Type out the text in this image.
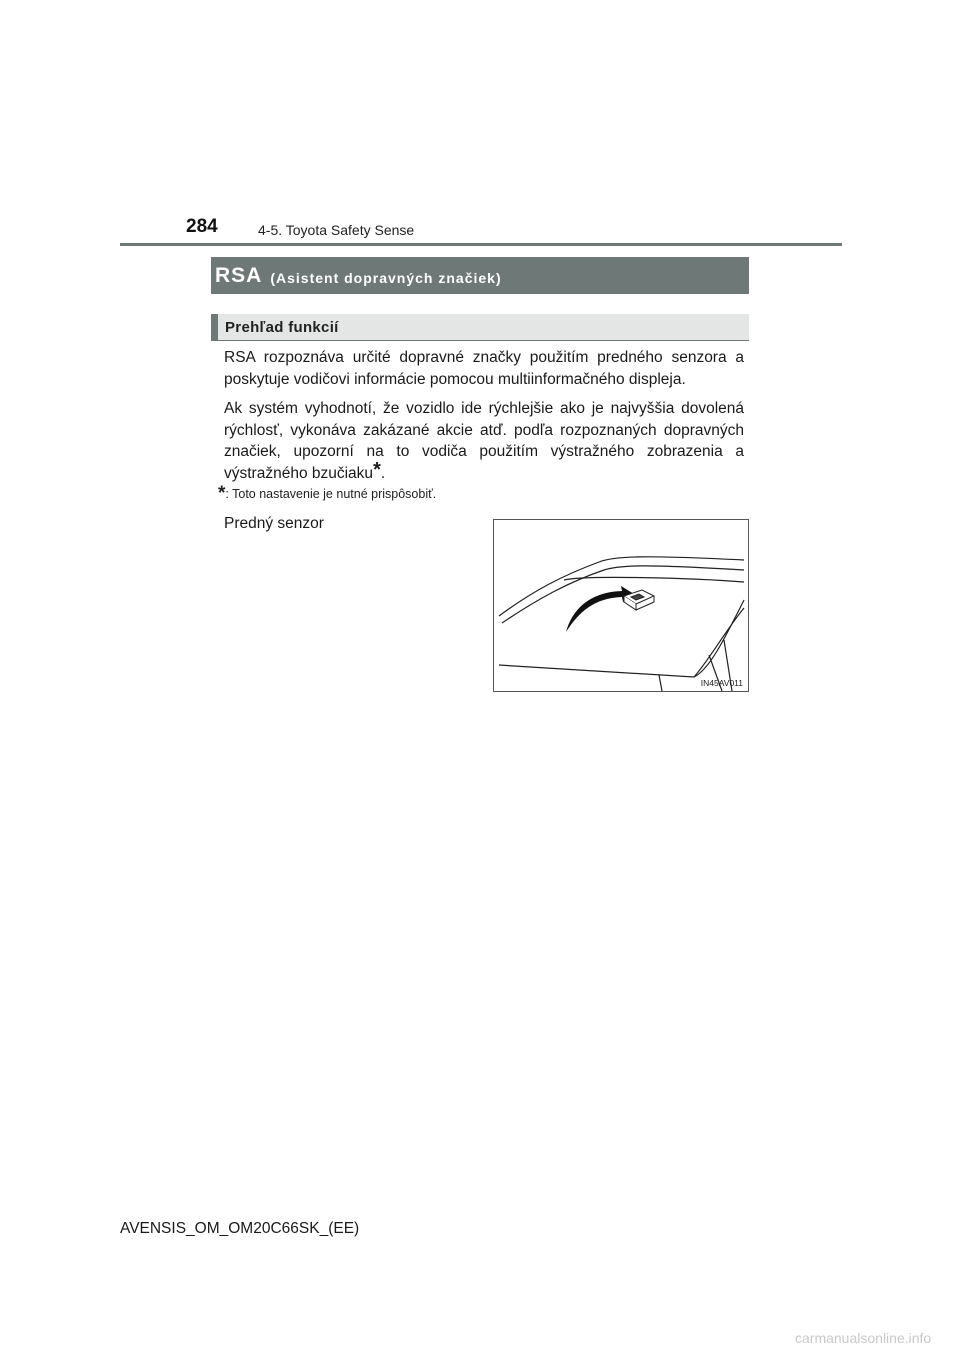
284	4-5. Toyota Safety Sense
RSA (Asistent dopravných značiek)
Prehľad funkcií
RSA rozpoznáva určité dopravné značky použitím predného senzora a poskytuje vodičovi informácie pomocou multiinformačného displeja.
Ak systém vyhodnotí, že vozidlo ide rýchlejšie ako je najvyššia dovolená rýchlosť, vykonáva zakázané akcie atď. podľa rozpoznaných dopravných značiek, upozorní na to vodiča použitím výstražného zobrazenia a výstražného bzučiaku*.
*: Toto nastavenie je nutné prispôsobiť.
Predný senzor
IN45AV011
AVENSIS_OM_OM20C66SK_(EE)
carmanualsonline.info
